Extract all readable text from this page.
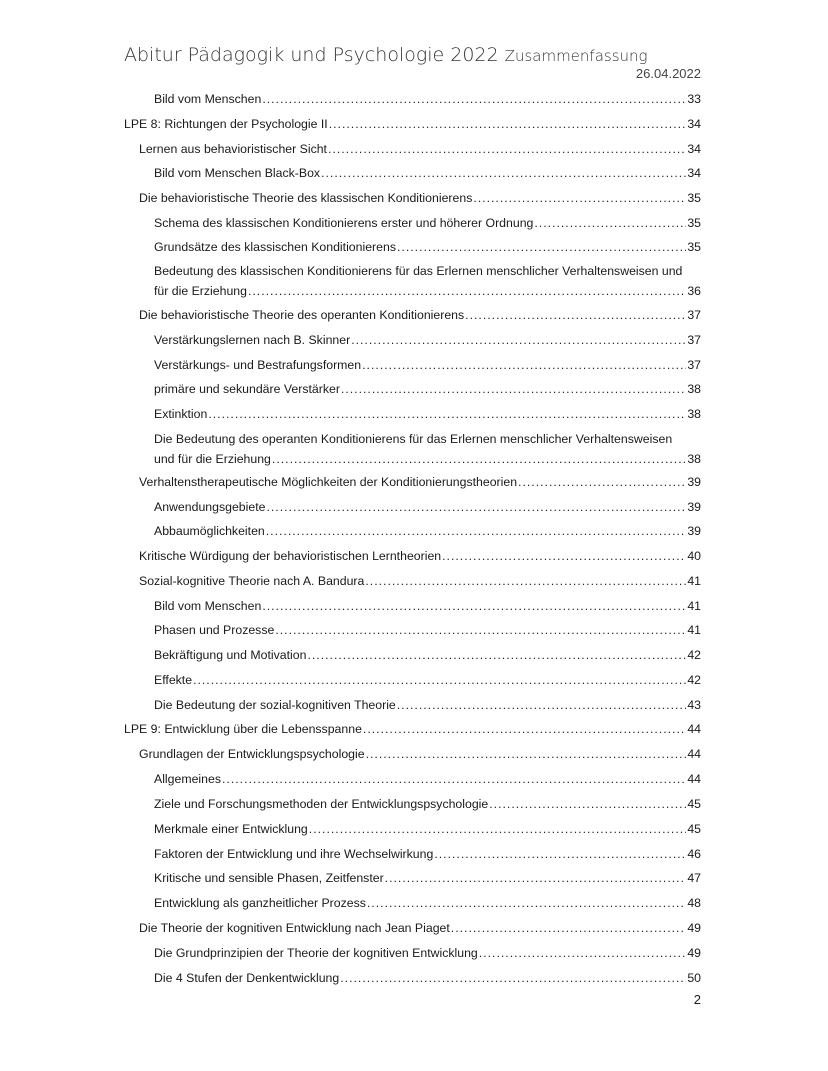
Abitur Pädagogik und Psychologie 2022 Zusammenfassung
26.04.2022
Bild vom Menschen .....	33
LPE 8: Richtungen der Psychologie II .....	34
Lernen aus behavioristischer Sicht .....	34
Bild vom Menschen Black-Box .....	34
Die behavioristische Theorie des klassischen Konditionierens .....	35
Schema des klassischen Konditionierens erster und höherer Ordnung .....	35
Grundsätze des klassischen Konditionierens .....	35
Bedeutung des klassischen Konditionierens für das Erlernen menschlicher Verhaltensweisen und
für die Erziehung .....	36
Die behavioristische Theorie des operanten Konditionierens .....	37
Verstärkungslernen nach B. Skinner .....	37
Verstärkungs- und Bestrafungsformen .....	37
primäre und sekundäre Verstärker .....	38
Extinktion .....	38
Die Bedeutung des operanten Konditionierens für das Erlernen menschlicher Verhaltensweisen
und für die Erziehung .....	38
Verhaltenstherapeutische Möglichkeiten der Konditionierungstheorien .....	39
Anwendungsgebiete .....	39
Abbaumöglichkeiten .....	39
Kritische Würdigung der behavioristischen Lerntheorien .....	40
Sozial-kognitive Theorie nach A. Bandura .....	41
Bild vom Menschen .....	41
Phasen und Prozesse .....	41
Bekräftigung und Motivation .....	42
Effekte .....	42
Die Bedeutung der sozial-kognitiven Theorie .....	43
LPE 9: Entwicklung über die Lebensspanne .....	44
Grundlagen der Entwicklungspsychologie .....	44
Allgemeines .....	44
Ziele und Forschungsmethoden der Entwicklungspsychologie .....	45
Merkmale einer Entwicklung .....	45
Faktoren der Entwicklung und ihre Wechselwirkung .....	46
Kritische und sensible Phasen, Zeitfenster .....	47
Entwicklung als ganzheitlicher Prozess .....	48
Die Theorie der kognitiven Entwicklung nach Jean Piaget .....	49
Die Grundprinzipien der Theorie der kognitiven Entwicklung .....	49
Die 4 Stufen der Denkentwicklung .....	50
2
